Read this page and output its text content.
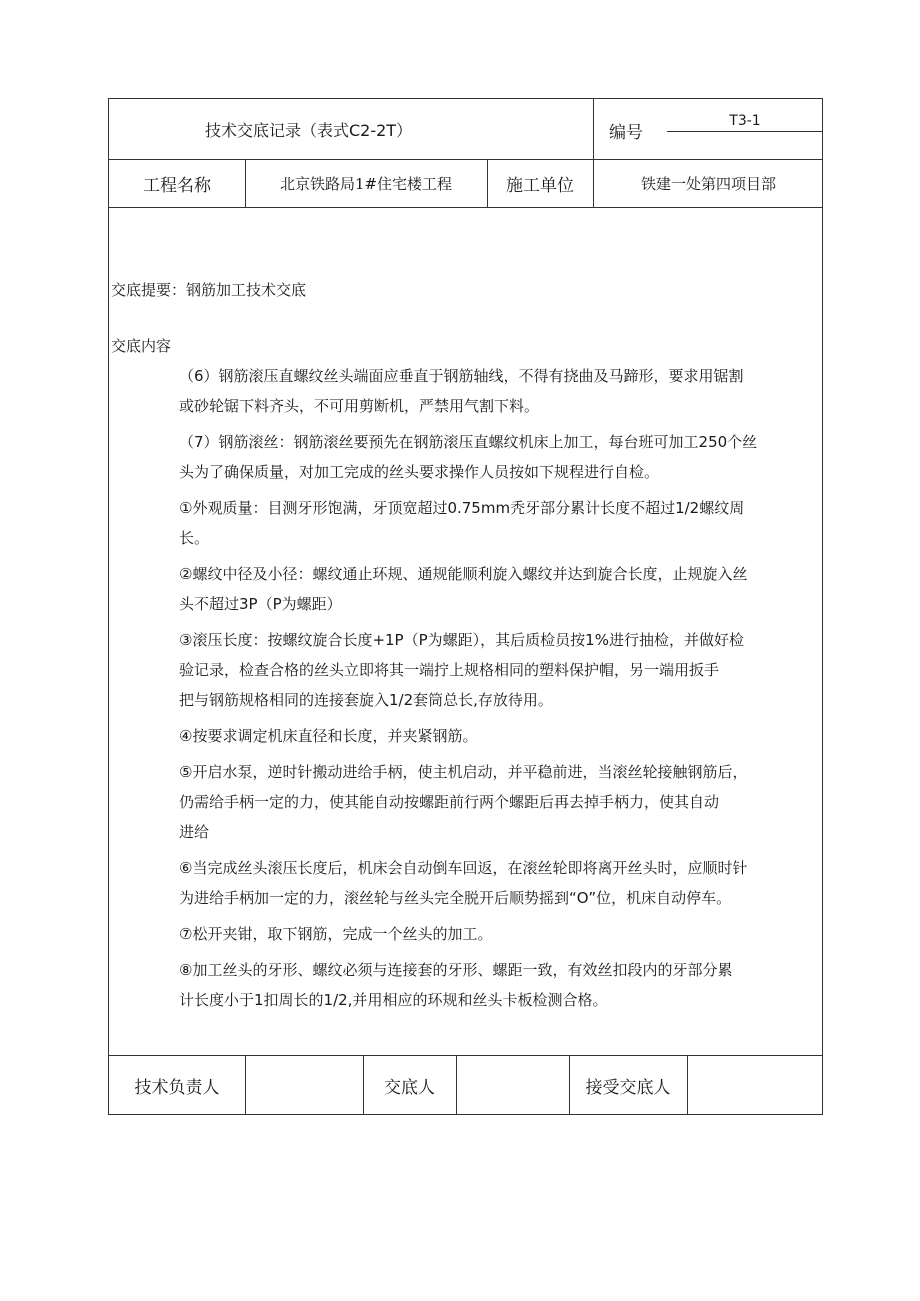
技术交底记录（表式C2-2T）	编号
T3-1
工程名称	北京铁路局1#住宅楼工程	施工单位	铁建一处第四项目部
交底提要：钢筋加工技术交底
交底内容

（6）钢筋滚压直螺纹丝头端面应垂直于钢筋轴线，不得有挠曲及马蹄形，要求用锯割
或砂轮锯下料齐头，不可用剪断机，严禁用气割下料。

（7）钢筋滚丝：钢筋滚丝要预先在钢筋滚压直螺纹机床上加工，每台班可加工250个丝
头为了确保质量，对加工完成的丝头要求操作人员按如下规程进行自检。

①外观质量：目测牙形饱满，牙顶宽超过0.75mm秃牙部分累计长度不超过1/2螺纹周
长。

②螺纹中径及小径：螺纹通止环规、通规能顺利旋入螺纹并达到旋合长度，止规旋入丝
头不超过3P（P为螺距）

③滚压长度：按螺纹旋合长度+1P（P为螺距），其后质检员按1%进行抽检，并做好检
验记录，检查合格的丝头立即将其一端拧上规格相同的塑料保护帽，另一端用扳手
把与钢筋规格相同的连接套旋入1/2套筒总长,存放待用。

④按要求调定机床直径和长度，并夹紧钢筋。

⑤开启水泵，逆时针搬动进给手柄，使主机启动，并平稳前进，当滚丝轮接触钢筋后，
仍需给手柄一定的力，使其能自动按螺距前行两个螺距后再去掉手柄力，使其自动
进给

⑥当完成丝头滚压长度后，机床会自动倒车回返，在滚丝轮即将离开丝头时，应顺时针
为进给手柄加一定的力，滚丝轮与丝头完全脱开后顺势摇到“O”位，机床自动停车。

⑦松开夹钳，取下钢筋，完成一个丝头的加工。

⑧加工丝头的牙形、螺纹必须与连接套的牙形、螺距一致，有效丝扣段内的牙部分累
计长度小于1扣周长的1/2,并用相应的环规和丝头卡板检测合格。

技术负责人	交底人	接受交底人
